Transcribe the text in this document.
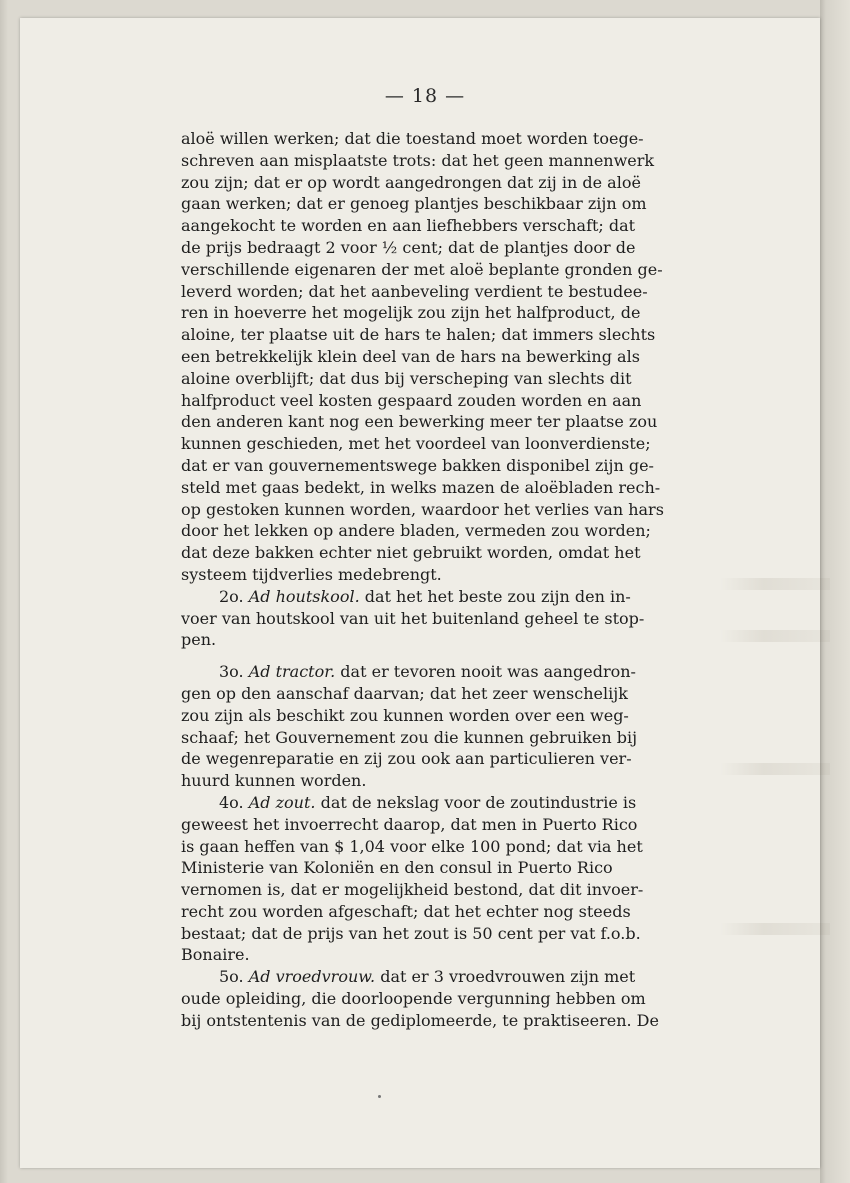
— 18 —
aloë willen werken; dat die toestand moet worden toege-
schreven aan misplaatste trots: dat het geen mannenwerk
zou zijn; dat er op wordt aangedrongen dat zij in de aloë
gaan werken; dat er genoeg plantjes beschikbaar zijn om
aangekocht te worden en aan liefhebbers verschaft; dat
de prijs bedraagt 2 voor ½ cent; dat de plantjes door de
verschillende eigenaren der met aloë beplante gronden ge-
leverd worden; dat het aanbeveling verdient te bestudee-
ren in hoeverre het mogelijk zou zijn het halfproduct, de
aloine, ter plaatse uit de hars te halen; dat immers slechts
een betrekkelijk klein deel van de hars na bewerking als
aloine overblijft; dat dus bij verscheping van slechts dit
halfproduct veel kosten gespaard zouden worden en aan
den anderen kant nog een bewerking meer ter plaatse zou
kunnen geschieden, met het voordeel van loonverdienste;
dat er van gouvernementswege bakken disponibel zijn ge-
steld met gaas bedekt, in welks mazen de aloëbladen rech-
op gestoken kunnen worden, waardoor het verlies van hars
door het lekken op andere bladen, vermeden zou worden;
dat deze bakken echter niet gebruikt worden, omdat het
systeem tijdverlies medebrengt.
2o. Ad houtskool. dat het het beste zou zijn den in-
voer van houtskool van uit het buitenland geheel te stop-
pen.
3o. Ad tractor. dat er tevoren nooit was aangedron-
gen op den aanschaf daarvan; dat het zeer wenschelijk
zou zijn als beschikt zou kunnen worden over een weg-
schaaf; het Gouvernement zou die kunnen gebruiken bij
de wegenreparatie en zij zou ook aan particulieren ver-
huurd kunnen worden.
4o. Ad zout. dat de nekslag voor de zoutindustrie is
geweest het invoerrecht daarop, dat men in Puerto Rico
is gaan heffen van $ 1,04 voor elke 100 pond; dat via het
Ministerie van Koloniën en den consul in Puerto Rico
vernomen is, dat er mogelijkheid bestond, dat dit invoer-
recht zou worden afgeschaft; dat het echter nog steeds
bestaat; dat de prijs van het zout is 50 cent per vat f.o.b.
Bonaire.
5o. Ad vroedvrouw. dat er 3 vroedvrouwen zijn met
oude opleiding, die doorloopende vergunning hebben om
bij ontstentenis van de gediplomeerde, te praktiseeren. De
